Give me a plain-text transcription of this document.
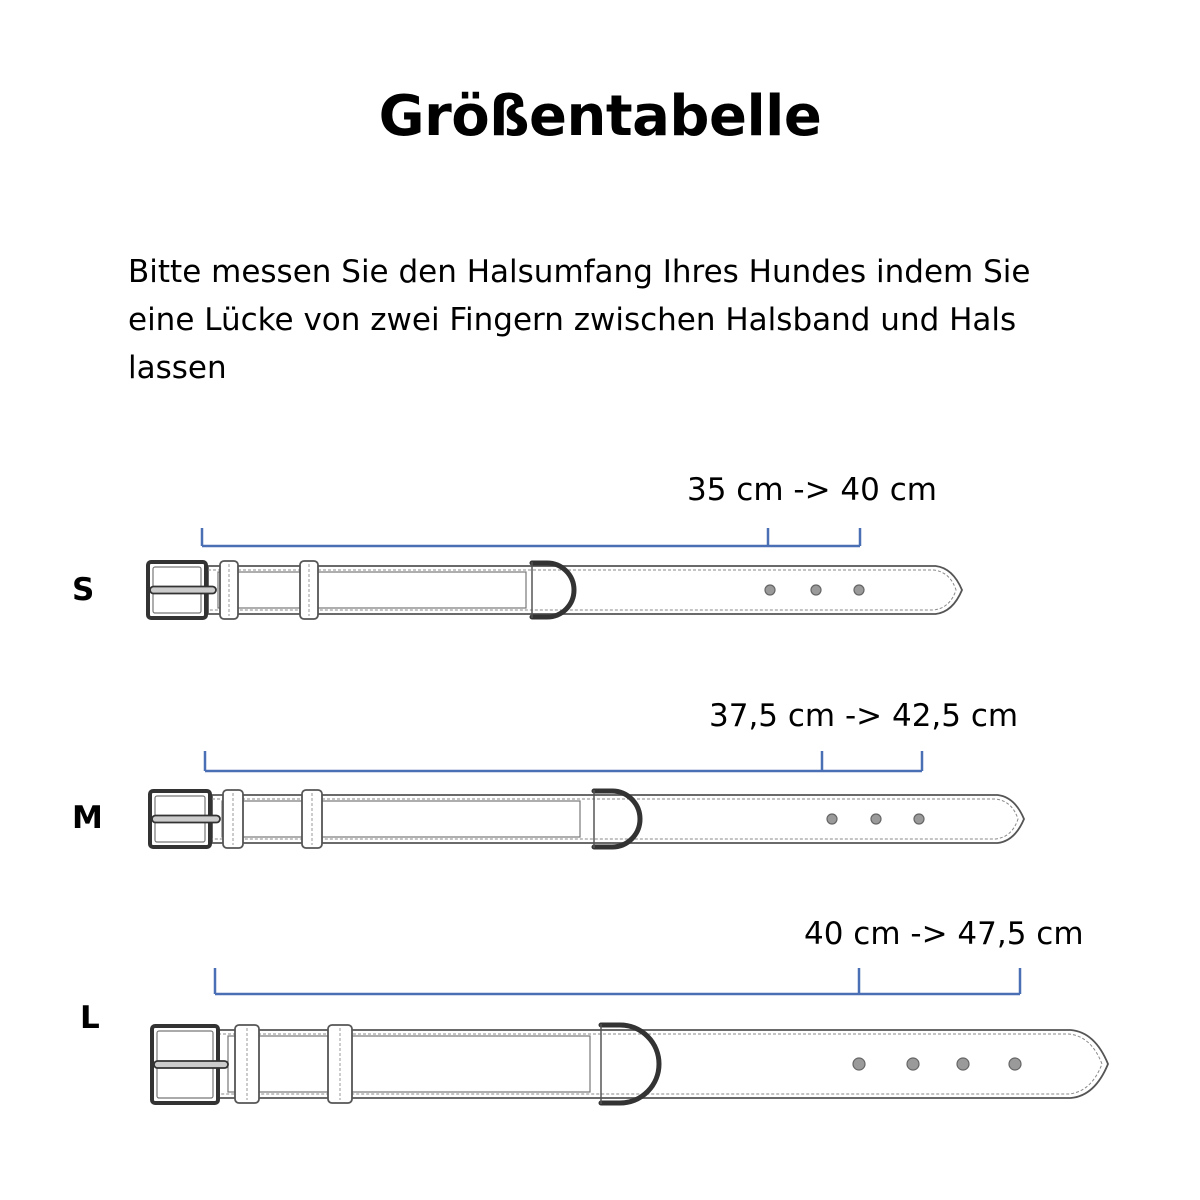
Größentabelle
Bitte messen Sie den Halsumfang Ihres Hundes indem Sie eine Lücke von zwei Fingern zwischen Halsband und Hals lassen
S
35 cm -> 40 cm
M
37,5 cm -> 42,5 cm
L
40 cm -> 47,5 cm
